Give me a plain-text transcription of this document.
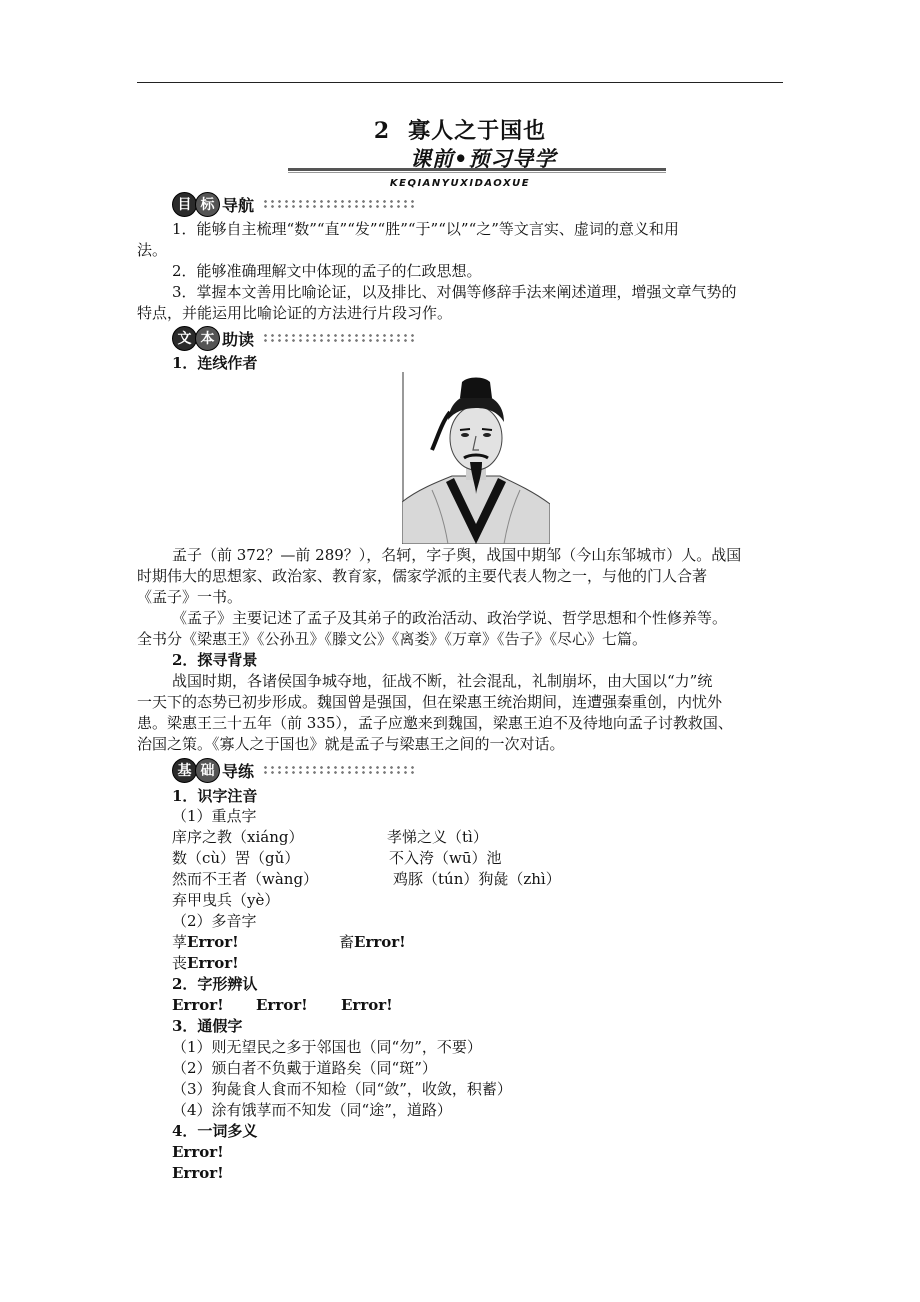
2 寡人之于国也
课前•预习导学
KEQIANYUXIDAOXUE
目 标 导航
1．能够自主梳理“数”“直”“发”“胜”“于”“以”“之”等文言实、虚词的意义和用
法。
2．能够准确理解文中体现的孟子的仁政思想。
3．掌握本文善用比喻论证，以及排比、对偶等修辞手法来阐述道理，增强文章气势的
特点，并能运用比喻论证的方法进行片段习作。
文 本 助读
1．连线作者
孟子（前 372？—前 289？），名轲，字子舆，战国中期邹（今山东邹城市）人。战国
时期伟大的思想家、政治家、教育家，儒家学派的主要代表人物之一，与他的门人合著
《孟子》一书。
《孟子》主要记述了孟子及其弟子的政治活动、政治学说、哲学思想和个性修养等。
全书分《梁惠王》《公孙丑》《滕文公》《离娄》《万章》《告子》《尽心》七篇。
2．探寻背景
战国时期，各诸侯国争城夺地，征战不断，社会混乱，礼制崩坏，由大国以“力”统
一天下的态势已初步形成。魏国曾是强国，但在梁惠王统治期间，连遭强秦重创，内忧外
患。梁惠王三十五年（前 335），孟子应邀来到魏国，梁惠王迫不及待地向孟子讨教救国、
治国之策。《寡人之于国也》就是孟子与梁惠王之间的一次对话。
基 础 导练
1．识字注音
（1）重点字
庠序之教（xiáng）	孝悌之义（tì）
数（cù）罟（gǔ）	不入洿（wū）池
然而不王者（wàng）	鸡豚（tún）狗彘（zhì）
弃甲曳兵（yè）
（2）多音字
莩Error!	畜Error!
丧Error!
2．字形辨认
Error! Error! Error!
3．通假字
（1）则无望民之多于邻国也（同“勿”，不要）
（2）颁白者不负戴于道路矣（同“斑”）
（3）狗彘食人食而不知检（同“敛”，收敛，积蓄）
（4）涂有饿莩而不知发（同“途”，道路）
4．一词多义
Error!
Error!
